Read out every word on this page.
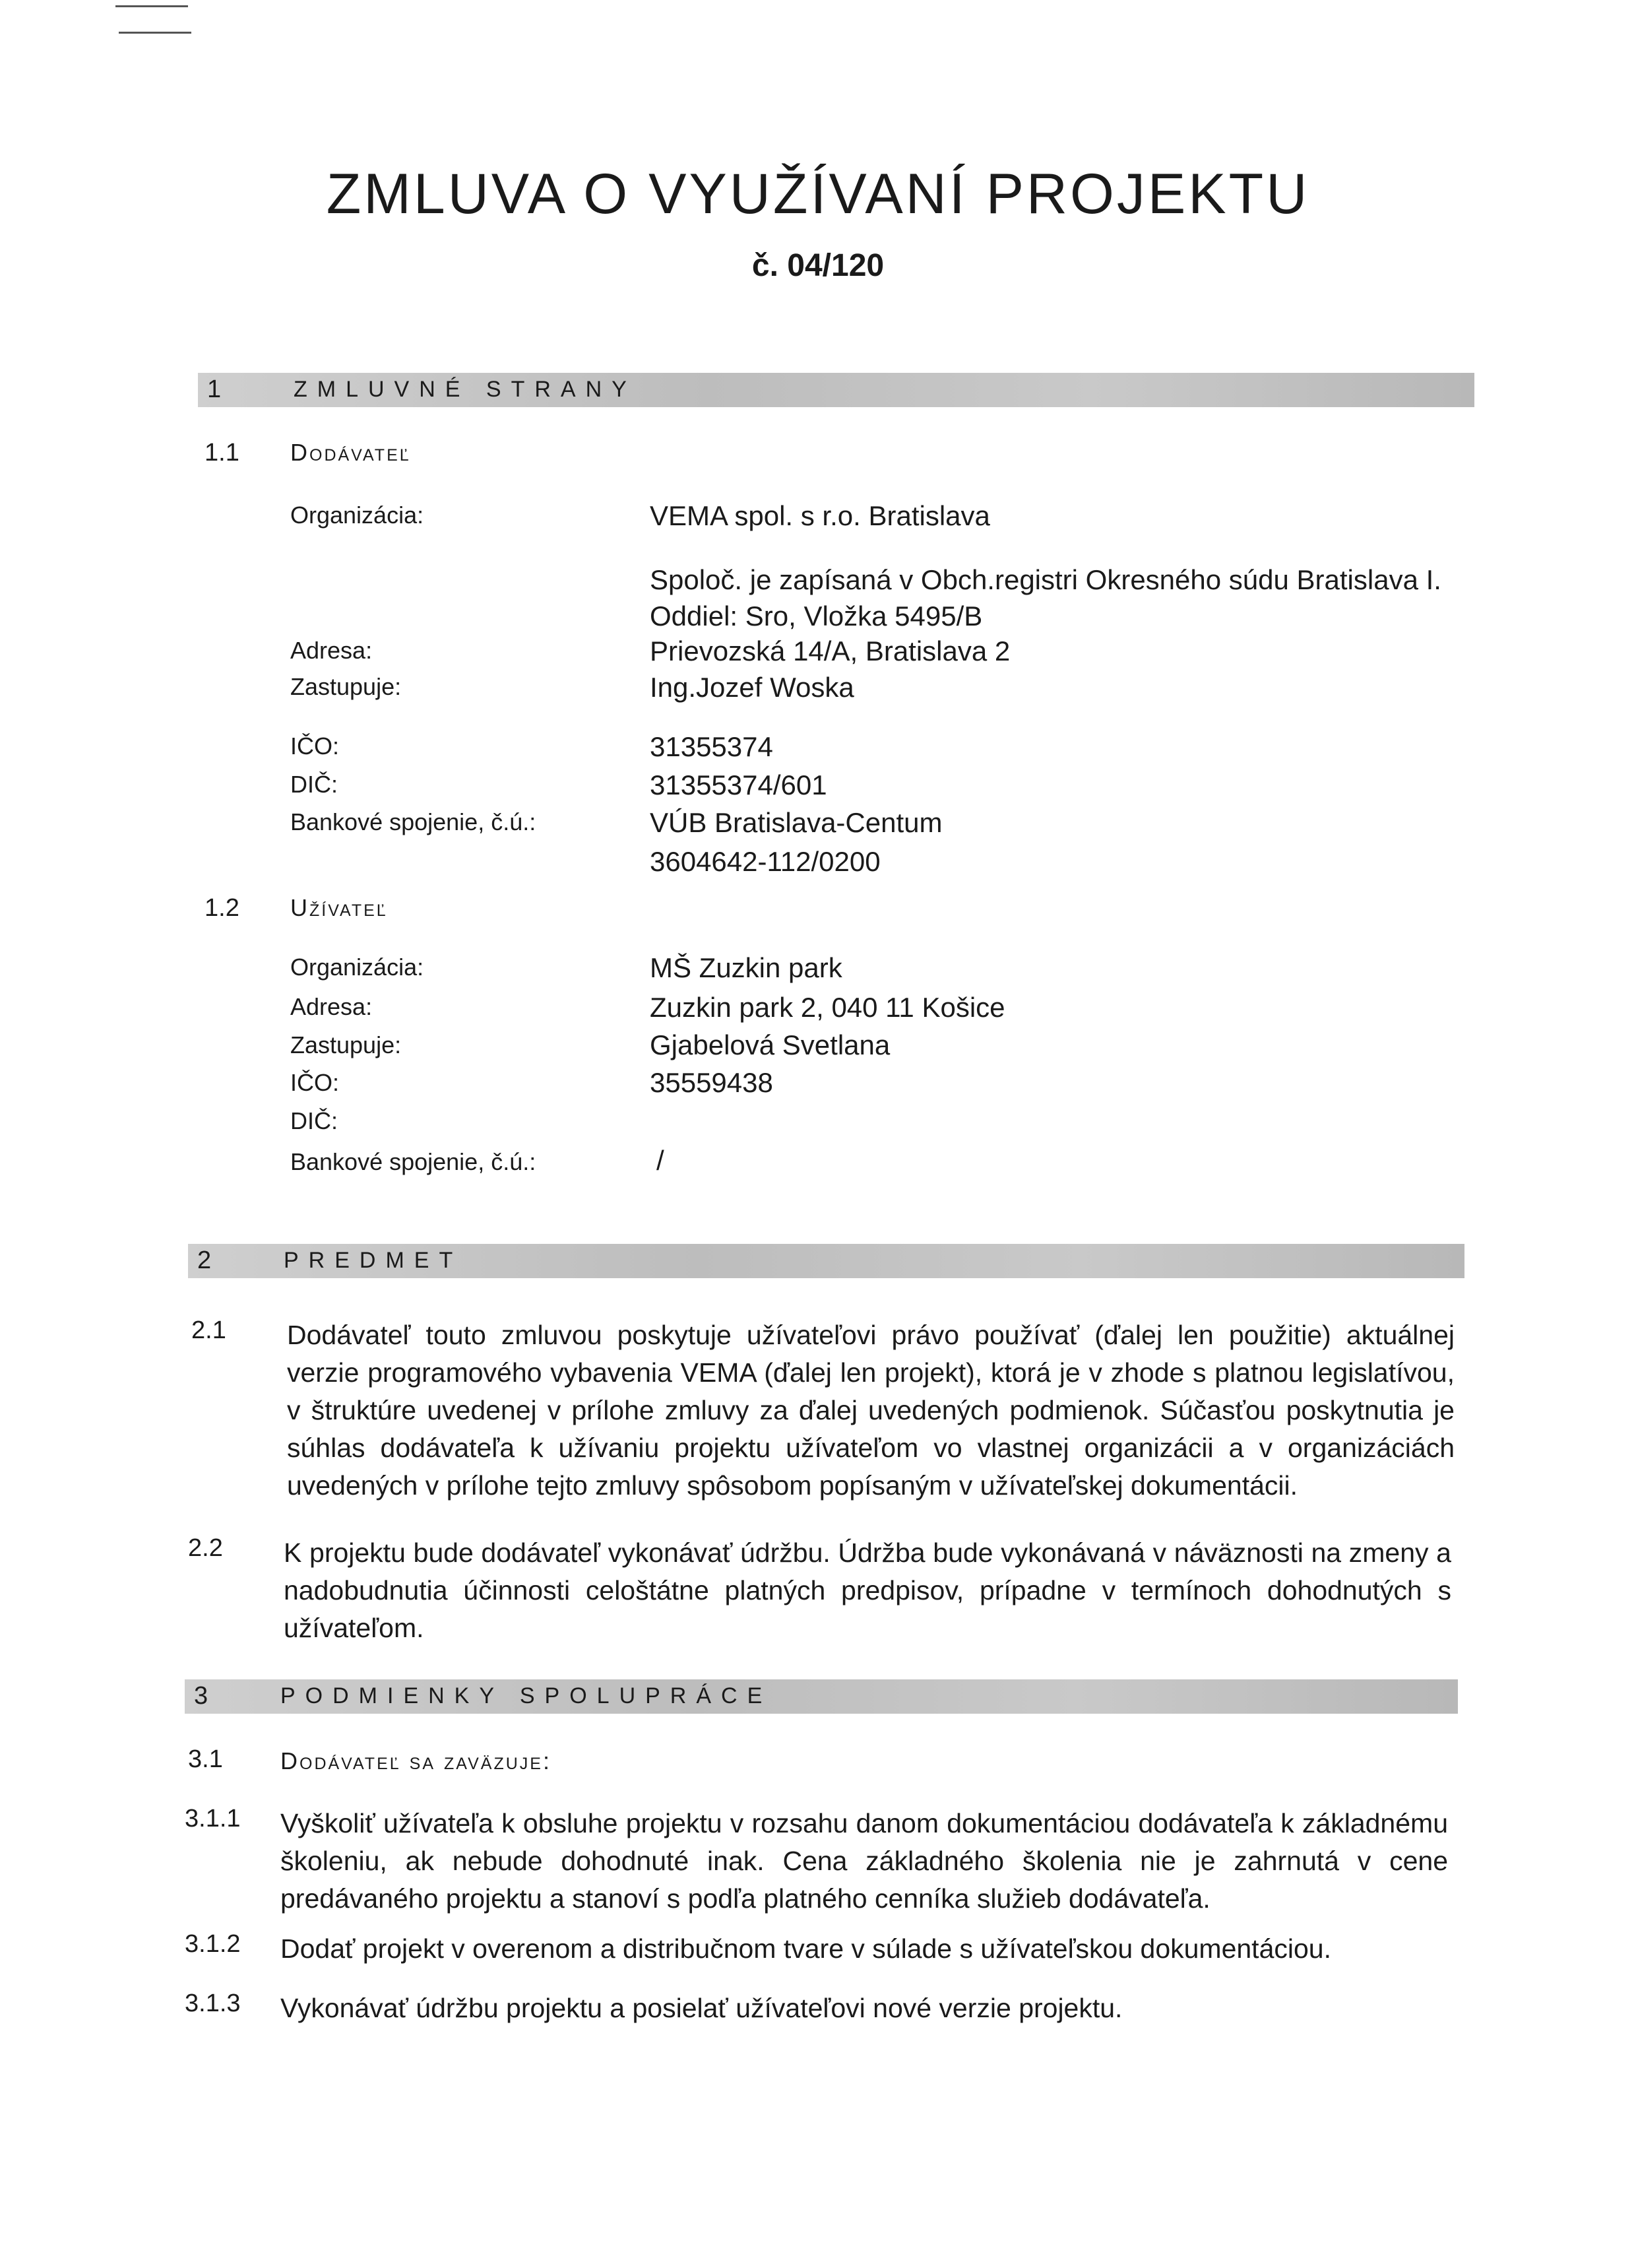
ZMLUVA O VYUŽÍVANÍ PROJEKTU
č. 04/120
1	ZMLUVNÉ STRANY
1.1 Dodávateľ
Organizácia:	VEMA spol. s r.o. Bratislava
Spoloč. je zapísaná v Obch.registri Okresného súdu Bratislava I.
Oddiel: Sro, Vložka 5495/B
Adresa:	Prievozská 14/A, Bratislava 2
Zastupuje:	Ing.Jozef Woska
IČO:	31355374
DIČ:	31355374/601
Bankové spojenie, č.ú.:	VÚB Bratislava-Centum
3604642-112/0200
1.2 Užívateľ
Organizácia:	MŠ Zuzkin park
Adresa:	Zuzkin park 2, 040 11 Košice
Zastupuje:	Gjabelová Svetlana
IČO:	35559438
DIČ:
Bankové spojenie, č.ú.:	/
2	PREDMET
2.1 Dodávateľ touto zmluvou poskytuje užívateľovi právo používať (ďalej len použitie) aktuálnej verzie programového vybavenia VEMA (ďalej len projekt), ktorá je v zhode s platnou legislatívou, v štruktúre uvedenej v prílohe zmluvy za ďalej uvedených podmienok. Súčasťou poskytnutia je súhlas dodávateľa k užívaniu projektu užívateľom vo vlastnej organizácii a v organizáciách uvedených v prílohe tejto zmluvy spôsobom popísaným v užívateľskej dokumentácii.
2.2 K projektu bude dodávateľ vykonávať údržbu. Údržba bude vykonávaná v náväznosti na zmeny a nadobudnutia účinnosti celoštátne platných predpisov, prípadne v termínoch dohodnutých s užívateľom.
3	PODMIENKY SPOLUPRÁCE
3.1 Dodávateľ sa zaväzuje:
3.1.1 Vyškoliť užívateľa k obsluhe projektu v rozsahu danom dokumentáciou dodávateľa k základnému školeniu, ak nebude dohodnuté inak. Cena základného školenia nie je zahrnutá v cene predávaného projektu a stanoví s podľa platného cenníka služieb dodávateľa.
3.1.2 Dodať projekt v overenom a distribučnom tvare v súlade s užívateľskou dokumentáciou.
3.1.3 Vykonávať údržbu projektu a posielať užívateľovi nové verzie projektu.
